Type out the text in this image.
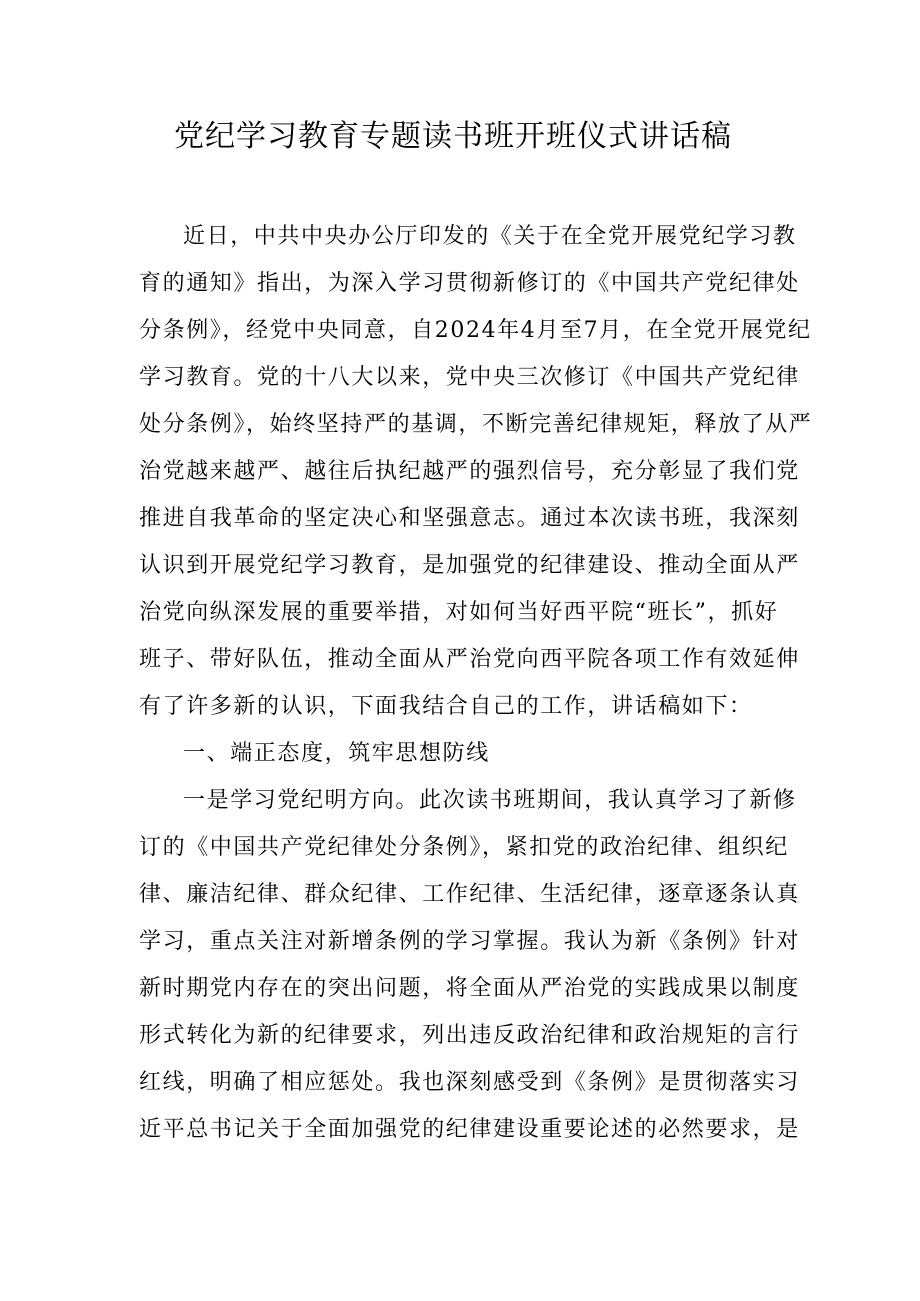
党纪学习教育专题读书班开班仪式讲话稿
近日，中共中央办公厅印发的《关于在全党开展党纪学习教
育的通知》指出，为深入学习贯彻新修订的《中国共产党纪律处
分条例》，经党中央同意，自2024年4月至7月，在全党开展党纪
学习教育。党的十八大以来，党中央三次修订《中国共产党纪律
处分条例》，始终坚持严的基调，不断完善纪律规矩，释放了从严
治党越来越严、越往后执纪越严的强烈信号，充分彰显了我们党
推进自我革命的坚定决心和坚强意志。通过本次读书班，我深刻
认识到开展党纪学习教育，是加强党的纪律建设、推动全面从严
治党向纵深发展的重要举措，对如何当好西平院“班长”，抓好
班子、带好队伍，推动全面从严治党向西平院各项工作有效延伸
有了许多新的认识，下面我结合自己的工作，讲话稿如下：
一、端正态度，筑牢思想防线
一是学习党纪明方向。此次读书班期间，我认真学习了新修
订的《中国共产党纪律处分条例》，紧扣党的政治纪律、组织纪
律、廉洁纪律、群众纪律、工作纪律、生活纪律，逐章逐条认真
学习，重点关注对新增条例的学习掌握。我认为新《条例》针对
新时期党内存在的突出问题，将全面从严治党的实践成果以制度
形式转化为新的纪律要求，列出违反政治纪律和政治规矩的言行
红线，明确了相应惩处。我也深刻感受到《条例》是贯彻落实习
近平总书记关于全面加强党的纪律建设重要论述的必然要求，是
